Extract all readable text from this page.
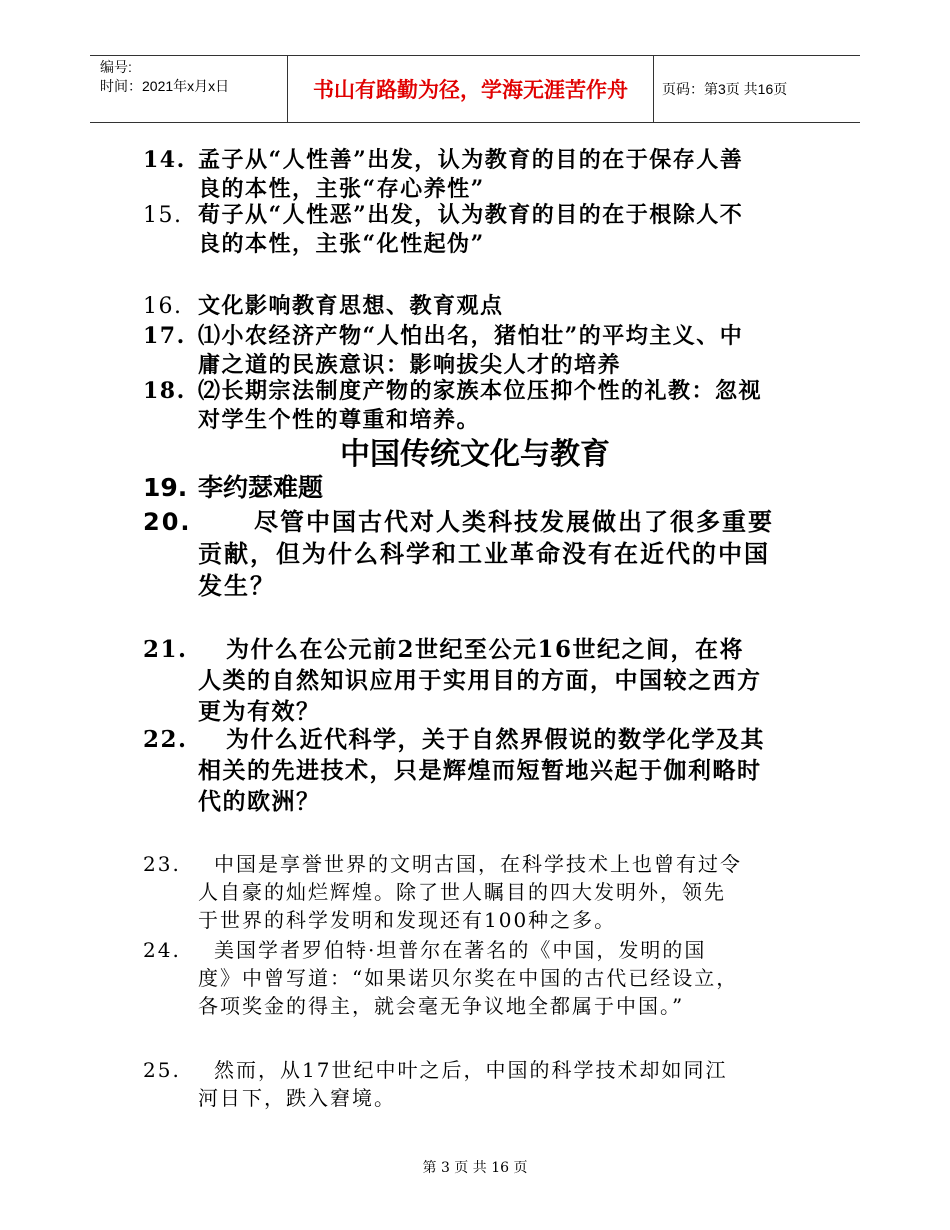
编号:
时间：2021年x月x日	书山有路勤为径，学海无涯苦作舟	页码：第3页 共16页
14. 孟子从“人性善”出发，认为教育的目的在于保存人善
良的本性，主张“存心养性”
15. 荀子从“人性恶”出发，认为教育的目的在于根除人不
良的本性，主张“化性起伪”
16. 文化影响教育思想、教育观点
17. ⑴小农经济产物“人怕出名，猪怕壮”的平均主义、中
庸之道的民族意识：影响拔尖人才的培养
18. ⑵长期宗法制度产物的家族本位压抑个性的礼教：忽视
对学生个性的尊重和培养。
中国传统文化与教育
19. 李约瑟难题
20.	尽管中国古代对人类科技发展做出了很多重要
贡献，但为什么科学和工业革命没有在近代的中国
发生？
21.	为什么在公元前2世纪至公元16世纪之间，在将
人类的自然知识应用于实用目的方面，中国较之西方
更为有效？
22.	为什么近代科学，关于自然界假说的数学化学及其
相关的先进技术，只是辉煌而短暂地兴起于伽利略时
代的欧洲？
23.	中国是享誉世界的文明古国，在科学技术上也曾有过令
人自豪的灿烂辉煌。除了世人瞩目的四大发明外，领先
于世界的科学发明和发现还有100种之多。
24.	美国学者罗伯特·坦普尔在著名的《中国，发明的国
度》中曾写道：“如果诺贝尔奖在中国的古代已经设立，
各项奖金的得主，就会毫无争议地全都属于中国。”
25.	然而，从17世纪中叶之后，中国的科学技术却如同江
河日下，跌入窘境。
第 3 页 共 16 页
